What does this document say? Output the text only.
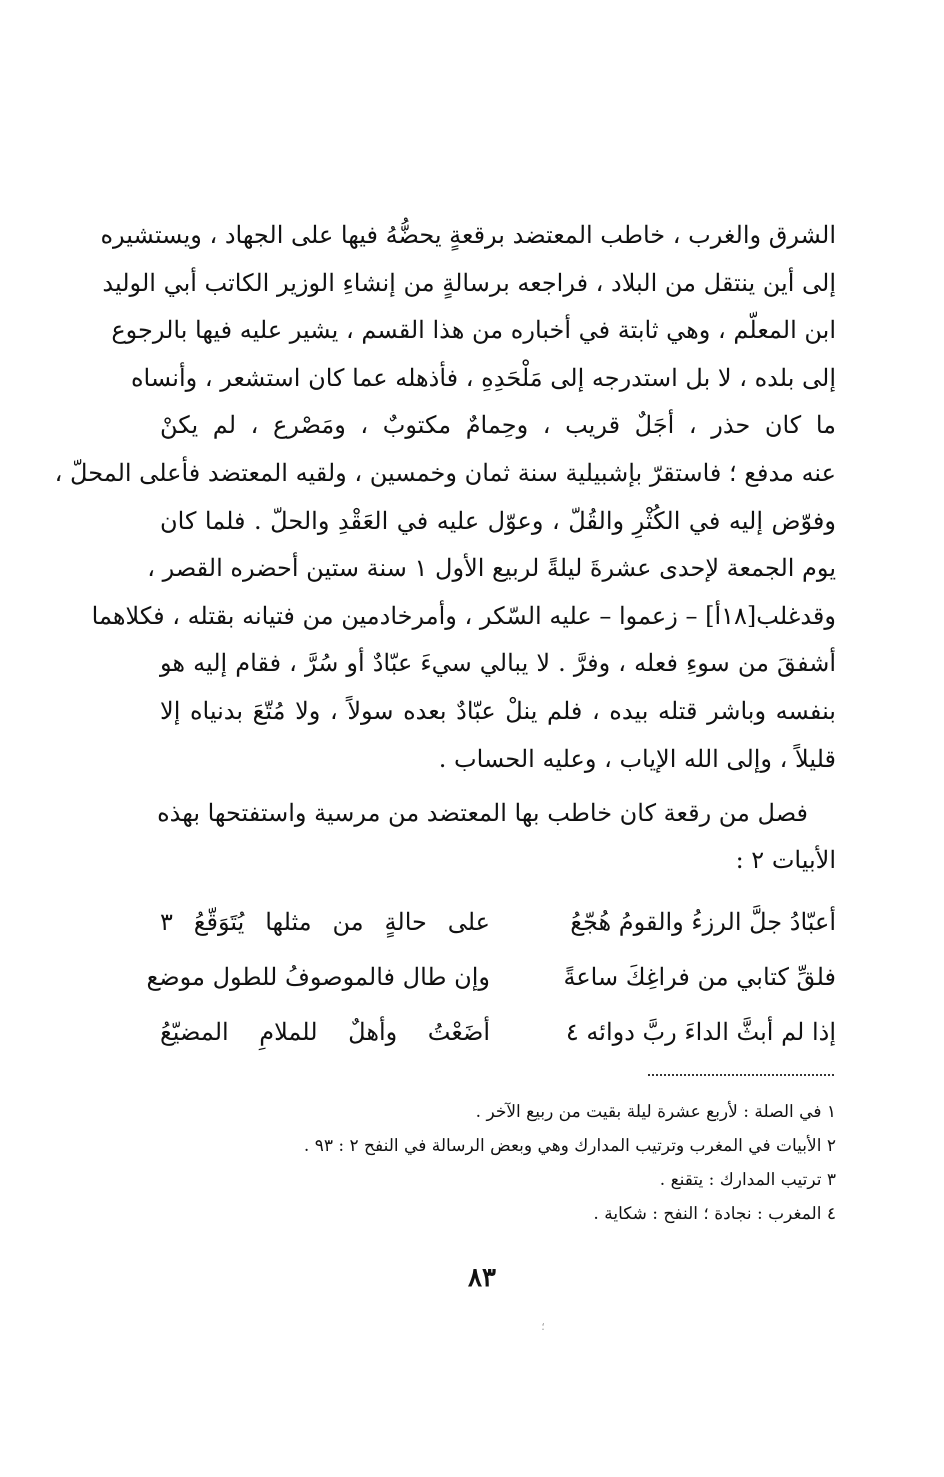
الشرق والغرب ، خاطب المعتضد برقعةٍ يحضُّهُ فيها على الجهاد ، ويستشيره
إلى أين ينتقل من البلاد ، فراجعه برسالةٍ من إنشاءِ الوزير الكاتب أبي الوليد
ابن المعلّم ، وهي ثابتة في أخباره من هذا القسم ، يشير عليه فيها بالرجوع
إلى بلده ، لا بل استدرجه إلى مَلْحَدِهِ ، فأذهله عما كان استشعر ، وأنساه
ما كان حذر ، أجَلٌ قريب ، وحِمامٌ مكتوبٌ ، ومَصْرع ، لم يكنْ
عنه مدفع ؛ فاستقرّ بإشبيلية سنة ثمان وخمسين ، ولقيه المعتضد فأعلى المحلّ ،
وفوّض إليه في الكُثْرِ والقُلّ ، وعوّل عليه في العَقْدِ والحلّ . فلما كان
يوم الجمعة لإحدى عشرةَ ليلةً لربيع الأول ١ سنة ستين أحضره القصر ،
وقدغلب[١٨أ] – زعموا – عليه السّكر ، وأمرخادمين من فتيانه بقتله ، فكلاهما
أشفقَ من سوءِ فعله ، وفرَّ . لا يبالي سيءَ عبّادٌ أو سُرَّ ، فقام إليه هو
بنفسه وباشر قتله بيده ، فلم ينلْ عبّادٌ بعده سولاً ، ولا مُتّعَ بدنياه إلا
قليلاً ، وإلى الله الإياب ، وعليه الحساب .
فصل من رقعة كان خاطب بها المعتضد من مرسية واستفتحها بهذه
الأبيات ٢ :
أعبّادُ جلَّ الرزءُ والقومُ هُجّعُ
على حالةٍ من مثلها يُتَوَقّعُ ٣
فلقِّ كتابي من فراغِكَ ساعةً
وإن طال فالموصوفُ للطول موضع
إذا لم أبثَّ الداءَ ربَّ دوائه ٤
أضَعْتُ وأهلٌ للملامِ المضيّعُ
١ في الصلة : لأربع عشرة ليلة بقيت من ربيع الآخر .
٢ الأبيات في المغرب وترتيب المدارك وهي وبعض الرسالة في النفح ٢ : ٩٣ .
٣ ترتيب المدارك : يتقنع .
٤ المغرب : نجادة ؛ النفح : شكاية .
٨٣
؛
